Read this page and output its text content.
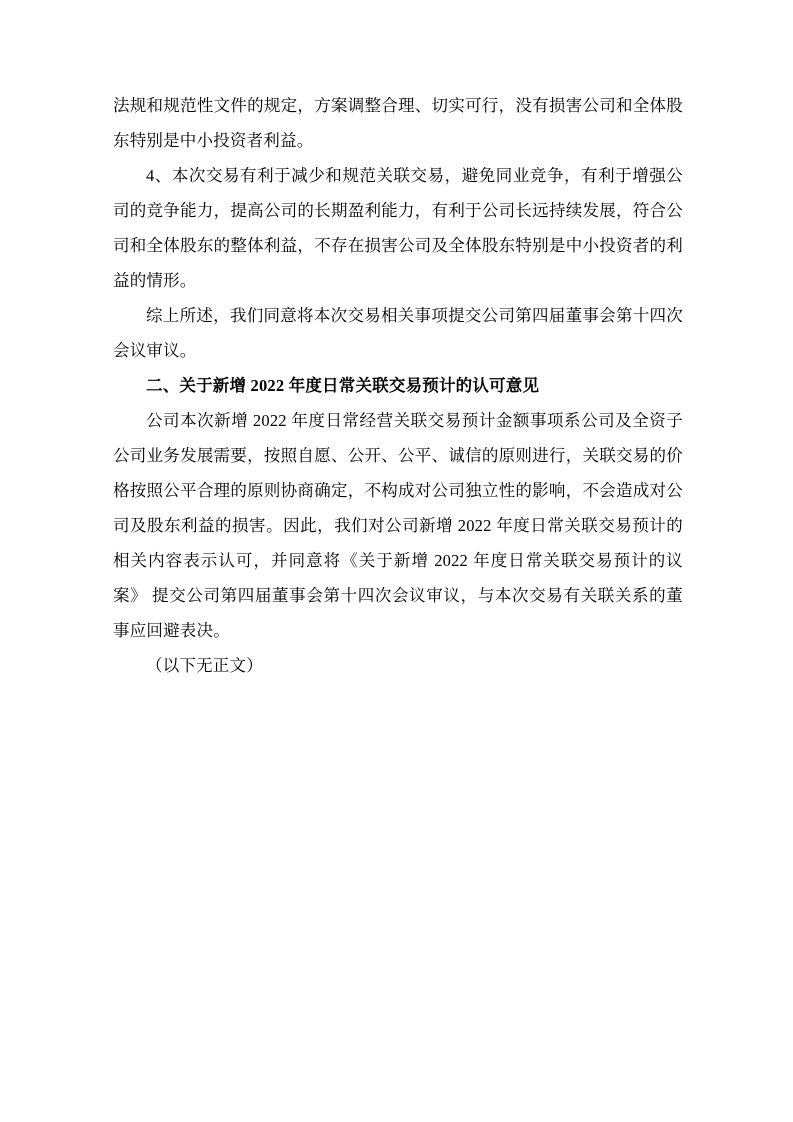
法规和规范性文件的规定，方案调整合理、切实可行，没有损害公司和全体股东特别是中小投资者利益。

4、本次交易有利于减少和规范关联交易，避免同业竞争，有利于增强公司的竞争能力，提高公司的长期盈利能力，有利于公司长远持续发展，符合公司和全体股东的整体利益，不存在损害公司及全体股东特别是中小投资者的利益的情形。

综上所述，我们同意将本次交易相关事项提交公司第四届董事会第十四次会议审议。

二、关于新增 2022 年度日常关联交易预计的认可意见

公司本次新增 2022 年度日常经营关联交易预计金额事项系公司及全资子公司业务发展需要，按照自愿、公开、公平、诚信的原则进行，关联交易的价格按照公平合理的原则协商确定，不构成对公司独立性的影响，不会造成对公司及股东利益的损害。因此，我们对公司新增 2022 年度日常关联交易预计的相关内容表示认可，并同意将《关于新增 2022 年度日常关联交易预计的议案》 提交公司第四届董事会第十四次会议审议，与本次交易有关联关系的董事应回避表决。

（以下无正文）
